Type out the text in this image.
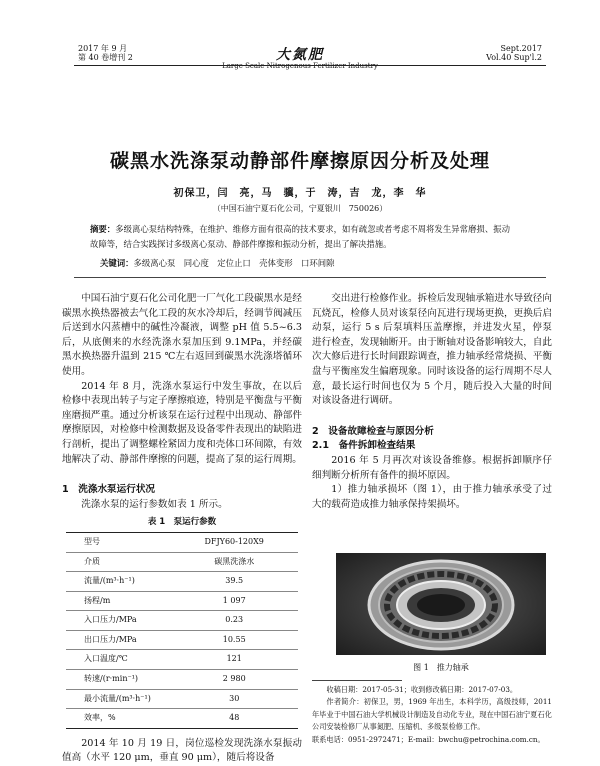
2017 年 9 月
第 40 卷增刊 2	大氮肥
Large Scale Nitrogenous Fertilizer Industry
Sept.2017
Vol.40 Sup'l.2
碳黑水洗涤泵动静部件摩擦原因分析及处理
初保卫，闫　亮，马　骥，于　涛，吉　龙，李　华
（中国石油宁夏石化公司，宁夏银川　750026）
摘要：多级离心泵结构特殊，在维护、维修方面有很高的技术要求，如有疏忽或者考虑不周将发生异常磨损、振动故障等，结合实践探讨多级离心泵动、静部件摩擦和振动分析，提出了解决措施。
关键词：多级离心泵　同心度　定位止口　壳体变形　口环间隙

中国石油宁夏石化公司化肥一厂气化工段碳黑水是经碳黑水换热器被去气化工段的灰水冷却后，经调节阀减压后送到水闪蒸槽中的碱性冷凝液，调整 pH 值 5.5~6.3 后，从底侧来的水经洗涤水泵加压到 9.1MPa，并经碳黑水换热器升温到 215 ℃左右返回到碳黑水洗涤塔循环使用。

2014 年 8 月，洗涤水泵运行中发生事故，在以后检修中表现出转子与定子摩擦痕迹，特别是平衡盘与平衡座磨损严重。通过分析该泵在运行过程中出现动、静部件摩擦原因，对检修中检测数据及设备零件表现出的缺陷进行剖析，提出了调整螺栓紧固力度和壳体口环间隙，有效地解决了动、静部件摩擦的问题，提高了泵的运行周期。

1　洗涤水泵运行状况

洗涤水泵的运行参数如表 1 所示。

表 1　泵运行参数
型号	DFJY60-120X9
介质	碳黑洗涤水
流量/(m³·h⁻¹)	39.5
扬程/m	1 097
入口压力/MPa	0.23
出口压力/MPa	10.55
入口温度/℃	121
转速/(r·min⁻¹)	2 980
最小流量/(m³·h⁻¹)	30
效率，%	48

2014 年 10 月 19 日，岗位巡检发现洗涤水泵振动值高（水平 120 μm，垂直 90 μm），随后将设备

交出进行检修作业。拆检后发现轴承箱进水导致径向瓦烧瓦，检修人员对该泵径向瓦进行现场更换，更换后启动泵，运行 5 s 后泵填料压盖摩擦，并进发火星，停泵进行检查，发现轴断开。由于断轴对设备影响较大，自此次大修后进行长时间跟踪调查，推力轴承经常烧损、平衡盘与平衡座发生偏磨现象。同时该设备的运行周期不尽人意，最长运行时间也仅为 5 个月，随后投入大量的时间对该设备进行调研。

2　设备故障检查与原因分析
2.1　备件拆卸检查结果

2016 年 5 月再次对该设备维修。根据拆卸顺序仔细判断分析所有备件的损坏原因。

1）推力轴承损坏（图 1），由于推力轴承承受了过大的载荷造成推力轴承保持架损坏。

图 1　推力轴承

收稿日期：2017-05-31；收到修改稿日期：2017-07-03。

作者简介：初保卫，男，1969 年出生，本科学历，高级技师，2011 年毕业于中国石油大学机械设计制造及自动化专业，现在中国石油宁夏石化公司安装检修厂从事氮肥、压缩机、多级泵检修工作。

联系电话：0951-2972471；E-mail：bwchu@petrochina.com.cn。
